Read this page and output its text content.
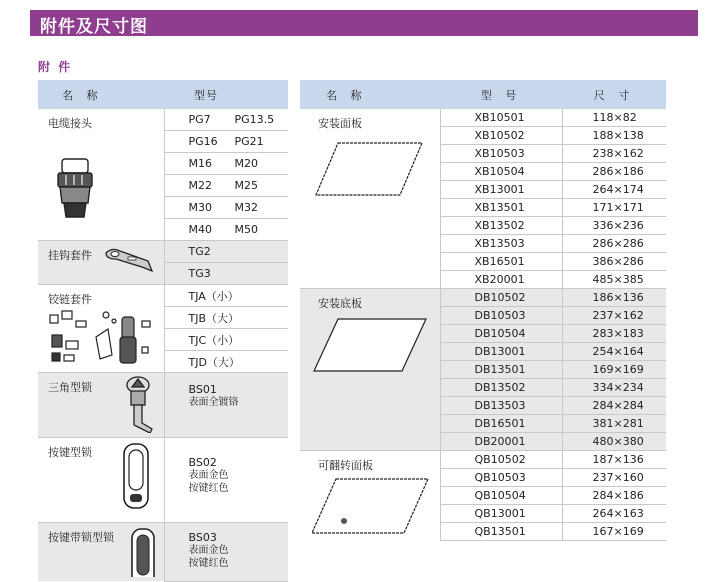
附件及尺寸图
附 件
名 称	型号

电缆接头	PG7 PG13.5

	PG16 PG21

	M16 M20

	M22 M25

	M30 M32

	M40 M50

挂钩套件	TG2
	TG3

铰链套件	TJA（小）
	TJB（大）
	TJC（小）
	TJD（大）

三角型锁	BS01
表面全镀铬

按键型锁	BS02
表面金色
按键红色

按键带锁型锁	BS03
表面金色
按键红色
名 称	型 号	尺 寸
安装面板	XB10501	118×82
	XB10502	188×138
	XB10503	238×162
	XB10504	286×186
	XB13001	264×174
	XB13501	171×171
	XB13502	336×236
	XB13503	286×286
	XB16501	386×286
	XB20001	485×385
安装底板	DB10502	186×136
	DB10503	237×162
	DB10504	283×183
	DB13001	254×164
	DB13501	169×169
	DB13502	334×234
	DB13503	284×284
	DB16501	381×281
	DB20001	480×380
可翻转面板	QB10502	187×136
	QB10503	237×160
	QB10504	284×186
	QB13001	264×163
	QB13501	167×169
